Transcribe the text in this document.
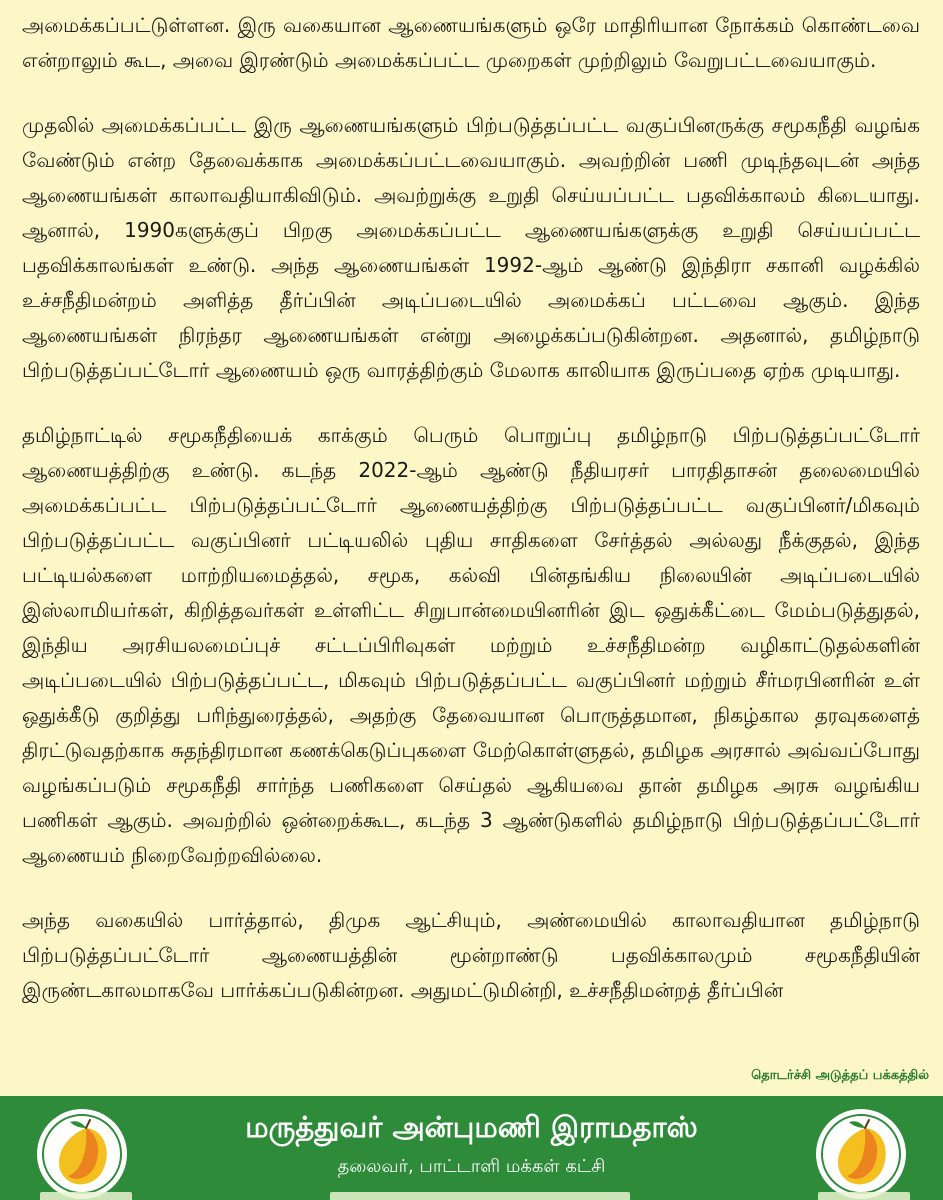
அமைக்கப்பட்டுள்ளன. இரு வகையான ஆணையங்களும் ஒரே மாதிரியான நோக்கம் கொண்டவை என்றாலும் கூட, அவை இரண்டும் அமைக்கப்பட்ட முறைகள் முற்றிலும் வேறுபட்டவையாகும்.

முதலில் அமைக்கப்பட்ட இரு ஆணையங்களும் பிற்படுத்தப்பட்ட வகுப்பினருக்கு சமூகநீதி வழங்க வேண்டும் என்ற தேவைக்காக அமைக்கப்பட்டவையாகும். அவற்றின் பணி முடிந்தவுடன் அந்த ஆணையங்கள் காலாவதியாகிவிடும். அவற்றுக்கு உறுதி செய்யப்பட்ட பதவிக்காலம் கிடையாது. ஆனால், 1990களுக்குப் பிறகு அமைக்கப்பட்ட ஆணையங்களுக்கு உறுதி செய்யப்பட்ட பதவிக்காலங்கள் உண்டு. அந்த ஆணையங்கள் 1992-ஆம் ஆண்டு இந்திரா சகானி வழக்கில் உச்சநீதிமன்றம் அளித்த தீர்ப்பின் அடிப்படையில் அமைக்கப் பட்டவை ஆகும். இந்த ஆணையங்கள் நிரந்தர ஆணையங்கள் என்று அழைக்கப்படுகின்றன. அதனால், தமிழ்நாடு பிற்படுத்தப்பட்டோர் ஆணையம் ஒரு வாரத்திற்கும் மேலாக காலியாக இருப்பதை ஏற்க முடியாது.

தமிழ்நாட்டில் சமூகநீதியைக் காக்கும் பெரும் பொறுப்பு தமிழ்நாடு பிற்படுத்தப்பட்டோர் ஆணையத்திற்கு உண்டு. கடந்த 2022-ஆம் ஆண்டு நீதியரசர் பாரதிதாசன் தலைமையில் அமைக்கப்பட்ட பிற்படுத்தப்பட்டோர் ஆணையத்திற்கு பிற்படுத்தப்பட்ட வகுப்பினர்/மிகவும் பிற்படுத்தப்பட்ட வகுப்பினர் பட்டியலில் புதிய சாதிகளை சேர்த்தல் அல்லது நீக்குதல், இந்த பட்டியல்களை மாற்றியமைத்தல், சமூக, கல்வி பின்தங்கிய நிலையின் அடிப்படையில் இஸ்லாமியர்கள், கிறித்தவர்கள் உள்ளிட்ட சிறுபான்மையினரின் இட ஒதுக்கீட்டை மேம்படுத்துதல், இந்திய அரசியலமைப்புச் சட்டப்பிரிவுகள் மற்றும் உச்சநீதிமன்ற வழிகாட்டுதல்களின் அடிப்படையில் பிற்படுத்தப்பட்ட, மிகவும் பிற்படுத்தப்பட்ட வகுப்பினர் மற்றும் சீர்மரபினரின் உள் ஒதுக்கீடு குறித்து பரிந்துரைத்தல், அதற்கு தேவையான பொருத்தமான, நிகழ்கால தரவுகளைத் திரட்டுவதற்காக சுதந்திரமான கணக்கெடுப்புகளை மேற்கொள்ளுதல், தமிழக அரசால் அவ்வப்போது வழங்கப்படும் சமூகநீதி சார்ந்த பணிகளை செய்தல் ஆகியவை தான் தமிழக அரசு வழங்கிய பணிகள் ஆகும். அவற்றில் ஒன்றைக்கூட, கடந்த 3 ஆண்டுகளில் தமிழ்நாடு பிற்படுத்தப்பட்டோர் ஆணையம் நிறைவேற்றவில்லை.

அந்த வகையில் பார்த்தால், திமுக ஆட்சியும், அண்மையில் காலாவதியான தமிழ்நாடு பிற்படுத்தப்பட்டோர் ஆணையத்தின் மூன்றாண்டு பதவிக்காலமும் சமூகநீதியின் இருண்டகாலமாகவே பார்க்கப்படுகின்றன. அதுமட்டுமின்றி, உச்சநீதிமன்றத் தீர்ப்பின்

தொடர்ச்சி அடுத்தப் பக்கத்தில்
மருத்துவர் அன்புமணி இராமதாஸ்
தலைவர், பாட்டாளி மக்கள் கட்சி
